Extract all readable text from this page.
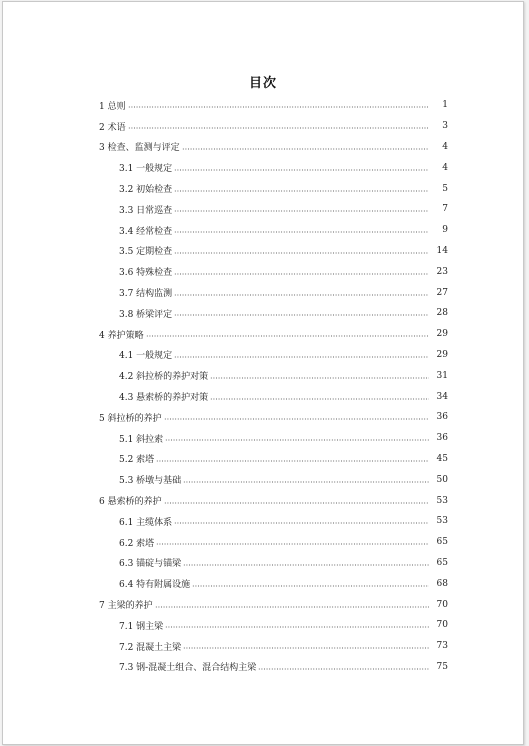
目次
1 总则	1
2 术语	3
3 检查、监测与评定	4
3.1 一般规定	4
3.2 初始检查	5
3.3 日常巡查	7
3.4 经常检查	9
3.5 定期检查	14
3.6 特殊检查	23
3.7 结构监测	27
3.8 桥梁评定	28
4 养护策略	29
4.1 一般规定	29
4.2 斜拉桥的养护对策	31
4.3 悬索桥的养护对策	34
5 斜拉桥的养护	36
5.1 斜拉索	36
5.2 索塔	45
5.3 桥墩与基础	50
6 悬索桥的养护	53
6.1 主缆体系	53
6.2 索塔	65
6.3 锚碇与锚梁	65
6.4 特有附属设施	68
7 主梁的养护	70
7.1 钢主梁	70
7.2 混凝土主梁	73
7.3 钢-混凝土组合、混合结构主梁	75
